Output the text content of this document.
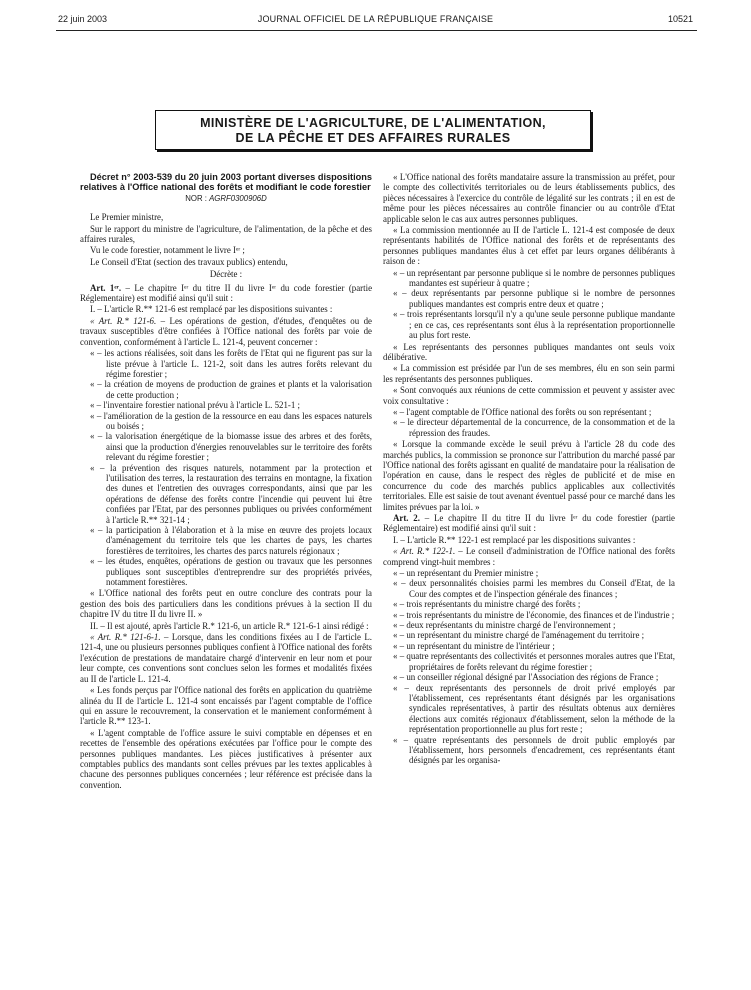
22 juin 2003	JOURNAL OFFICIEL DE LA RÉPUBLIQUE FRANÇAISE	10521
MINISTÈRE DE L'AGRICULTURE, DE L'ALIMENTATION,
DE LA PÊCHE ET DES AFFAIRES RURALES

Décret n° 2003-539 du 20 juin 2003 portant diverses dispositions relatives à l'Office national des forêts et modifiant le code forestier

NOR : AGRF0300906D

Le Premier ministre,

Sur le rapport du ministre de l'agriculture, de l'alimentation, de la pêche et des affaires rurales,

Vu le code forestier, notamment le livre Iᵉʳ ;

Le Conseil d'Etat (section des travaux publics) entendu,

Décrète :

Art. 1ᵉʳ. – Le chapitre Iᵉʳ du titre II du livre Iᵉʳ du code forestier (partie Réglementaire) est modifié ainsi qu'il suit :

I. – L'article R.** 121-6 est remplacé par les dispositions suivantes :

« Art. R.* 121-6. – Les opérations de gestion, d'études, d'enquêtes ou de travaux susceptibles d'être confiées à l'Office national des forêts par voie de convention, conformément à l'article L. 121-4, peuvent concerner :

« – les actions réalisées, soit dans les forêts de l'Etat qui ne figurent pas sur la liste prévue à l'article L. 121-2, soit dans les autres forêts relevant du régime forestier ;
« – la création de moyens de production de graines et plants et la valorisation de cette production ;
« – l'inventaire forestier national prévu à l'article L. 521-1 ;
« – l'amélioration de la gestion de la ressource en eau dans les espaces naturels ou boisés ;
« – la valorisation énergétique de la biomasse issue des arbres et des forêts, ainsi que la production d'énergies renouvelables sur le territoire des forêts relevant du régime forestier ;
« – la prévention des risques naturels, notamment par la protection et l'utilisation des terres, la restauration des terrains en montagne, la fixation des dunes et l'entretien des ouvrages correspondants, ainsi que par les opérations de défense des forêts contre l'incendie qui peuvent lui être confiées par l'Etat, par des personnes publiques ou privées conformément à l'article R.** 321-14 ;
« – la participation à l'élaboration et à la mise en œuvre des projets locaux d'aménagement du territoire tels que les chartes de pays, les chartes forestières de territoires, les chartes des parcs naturels régionaux ;
« – les études, enquêtes, opérations de gestion ou travaux que les personnes publiques sont susceptibles d'entreprendre sur des propriétés privées, notamment forestières.

« L'Office national des forêts peut en outre conclure des contrats pour la gestion des bois des particuliers dans les conditions prévues à la section II du chapitre IV du titre II du livre II. »

II. – Il est ajouté, après l'article R.* 121-6, un article R.* 121-6-1 ainsi rédigé :

« Art. R.* 121-6-1. – Lorsque, dans les conditions fixées au I de l'article L. 121-4, une ou plusieurs personnes publiques confient à l'Office national des forêts l'exécution de prestations de mandataire chargé d'intervenir en leur nom et pour leur compte, ces conventions sont conclues selon les formes et modalités fixées au II de l'article L. 121-4.

« Les fonds perçus par l'Office national des forêts en application du quatrième alinéa du II de l'article L. 121-4 sont encaissés par l'agent comptable de l'office qui en assure le recouvrement, la conservation et le maniement conformément à l'article R.** 123-1.

« L'agent comptable de l'office assure le suivi comptable en dépenses et en recettes de l'ensemble des opérations exécutées par l'office pour le compte des personnes publiques mandantes. Les pièces justificatives à présenter aux comptables publics des mandants sont celles prévues par les textes applicables à chacune des personnes publiques concernées ; leur référence est précisée dans la convention.

« L'Office national des forêts mandataire assure la transmission au préfet, pour le compte des collectivités territoriales ou de leurs établissements publics, des pièces nécessaires à l'exercice du contrôle de légalité sur les contrats ; il en est de même pour les pièces nécessaires au contrôle financier ou au contrôle d'Etat applicable selon le cas aux autres personnes publiques.

« La commission mentionnée au II de l'article L. 121-4 est composée de deux représentants habilités de l'Office national des forêts et de représentants des personnes publiques mandantes élus à cet effet par leurs organes délibérants à raison de :

« – un représentant par personne publique si le nombre de personnes publiques mandantes est supérieur à quatre ;
« – deux représentants par personne publique si le nombre de personnes publiques mandantes est compris entre deux et quatre ;
« – trois représentants lorsqu'il n'y a qu'une seule personne publique mandante ; en ce cas, ces représentants sont élus à la représentation proportionnelle au plus fort reste.

« Les représentants des personnes publiques mandantes ont seuls voix délibérative.

« La commission est présidée par l'un de ses membres, élu en son sein parmi les représentants des personnes publiques.

« Sont convoqués aux réunions de cette commission et peuvent y assister avec voix consultative :

« – l'agent comptable de l'Office national des forêts ou son représentant ;
« – le directeur départemental de la concurrence, de la consommation et de la répression des fraudes.

« Lorsque la commande excède le seuil prévu à l'article 28 du code des marchés publics, la commission se prononce sur l'attribution du marché passé par l'Office national des forêts agissant en qualité de mandataire pour la réalisation de l'opération en cause, dans le respect des règles de publicité et de mise en concurrence du code des marchés publics applicables aux collectivités territoriales. Elle est saisie de tout avenant éventuel passé pour ce marché dans les limites prévues par la loi. »

Art. 2. – Le chapitre II du titre II du livre Iᵉʳ du code forestier (partie Réglementaire) est modifié ainsi qu'il suit :

I. – L'article R.** 122-1 est remplacé par les dispositions suivantes :

« Art. R.* 122-1. – Le conseil d'administration de l'Office national des forêts comprend vingt-huit membres :

« – un représentant du Premier ministre ;
« – deux personnalités choisies parmi les membres du Conseil d'Etat, de la Cour des comptes et de l'inspection générale des finances ;
« – trois représentants du ministre chargé des forêts ;
« – trois représentants du ministre de l'économie, des finances et de l'industrie ;
« – deux représentants du ministre chargé de l'environnement ;
« – un représentant du ministre chargé de l'aménagement du territoire ;
« – un représentant du ministre de l'intérieur ;
« – quatre représentants des collectivités et personnes morales autres que l'Etat, propriétaires de forêts relevant du régime forestier ;
« – un conseiller régional désigné par l'Association des régions de France ;
« – deux représentants des personnels de droit privé employés par l'établissement, ces représentants étant désignés par les organisations syndicales représentatives, à partir des résultats obtenus aux dernières élections aux comités régionaux d'établissement, selon la méthode de la représentation proportionnelle au plus fort reste ;
« – quatre représentants des personnels de droit public employés par l'établissement, hors personnels d'encadrement, ces représentants étant désignés par les organisa-
